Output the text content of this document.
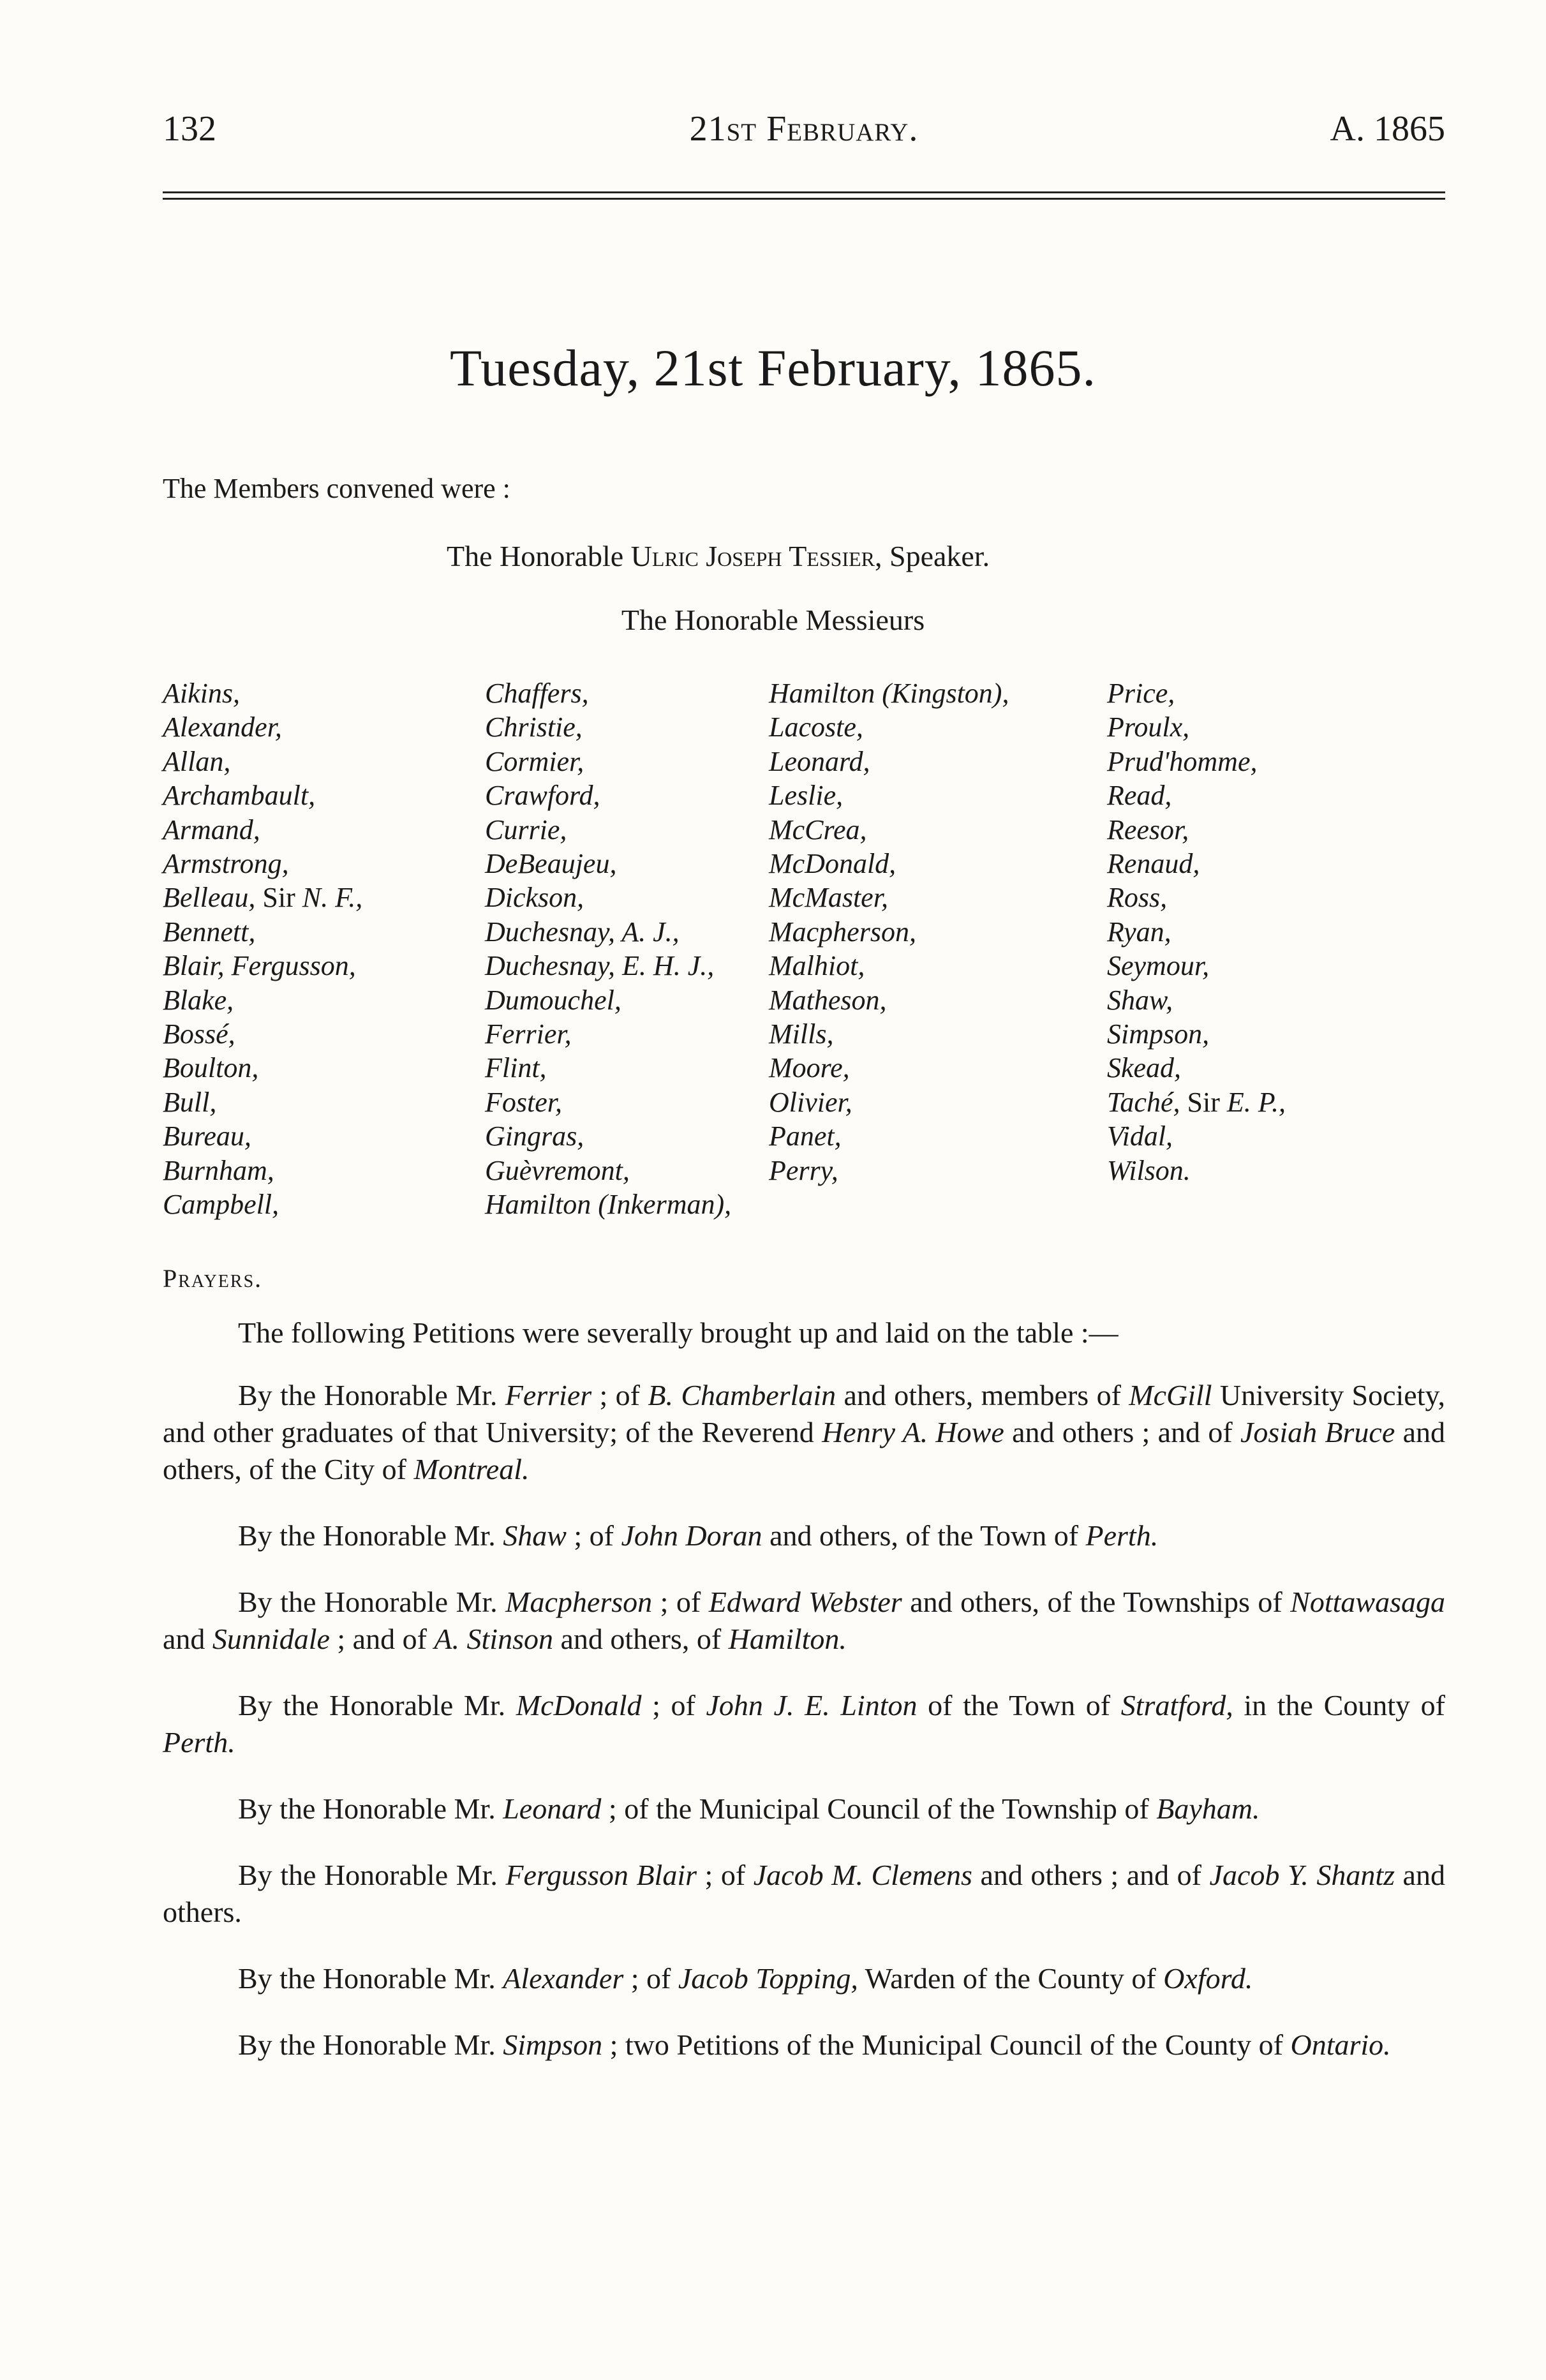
132	21st February.	A. 1865
Tuesday, 21st February, 1865.
The Members convened were :
The Honorable Ulric Joseph Tessier, Speaker.
The Honorable Messieurs
Aikins,
Alexander,
Allan,
Archambault,
Armand,
Armstrong,
Belleau, Sir N. F.,
Bennett,
Blair, Fergusson,
Blake,
Bossé,
Boulton,
Bull,
Bureau,
Burnham,
Campbell,
Chaffers,
Christie,
Cormier,
Crawford,
Currie,
DeBeaujeu,
Dickson,
Duchesnay, A. J.,
Duchesnay, E. H. J.,
Dumouchel,
Ferrier,
Flint,
Foster,
Gingras,
Guèvremont,
Hamilton (Inkerman),
Hamilton (Kingston),
Lacoste,
Leonard,
Leslie,
McCrea,
McDonald,
McMaster,
Macpherson,
Malhiot,
Matheson,
Mills,
Moore,
Olivier,
Panet,
Perry,
Price,
Proulx,
Prud'homme,
Read,
Reesor,
Renaud,
Ross,
Ryan,
Seymour,
Shaw,
Simpson,
Skead,
Taché, Sir E. P.,
Vidal,
Wilson.
Prayers.

The following Petitions were severally brought up and laid on the table :—

By the Honorable Mr. Ferrier ; of B. Chamberlain and others, members of McGill University Society, and other graduates of that University; of the Reverend Henry A. Howe and others ; and of Josiah Bruce and others, of the City of Montreal.

By the Honorable Mr. Shaw ; of John Doran and others, of the Town of Perth.

By the Honorable Mr. Macpherson ; of Edward Webster and others, of the Townships of Nottawasaga and Sunnidale ; and of A. Stinson and others, of Hamilton.

By the Honorable Mr. McDonald ; of John J. E. Linton of the Town of Stratford, in the County of Perth.

By the Honorable Mr. Leonard ; of the Municipal Council of the Township of Bayham.

By the Honorable Mr. Fergusson Blair ; of Jacob M. Clemens and others ; and of Jacob Y. Shantz and others.

By the Honorable Mr. Alexander ; of Jacob Topping, Warden of the County of Oxford.

By the Honorable Mr. Simpson ; two Petitions of the Municipal Council of the County of Ontario.
